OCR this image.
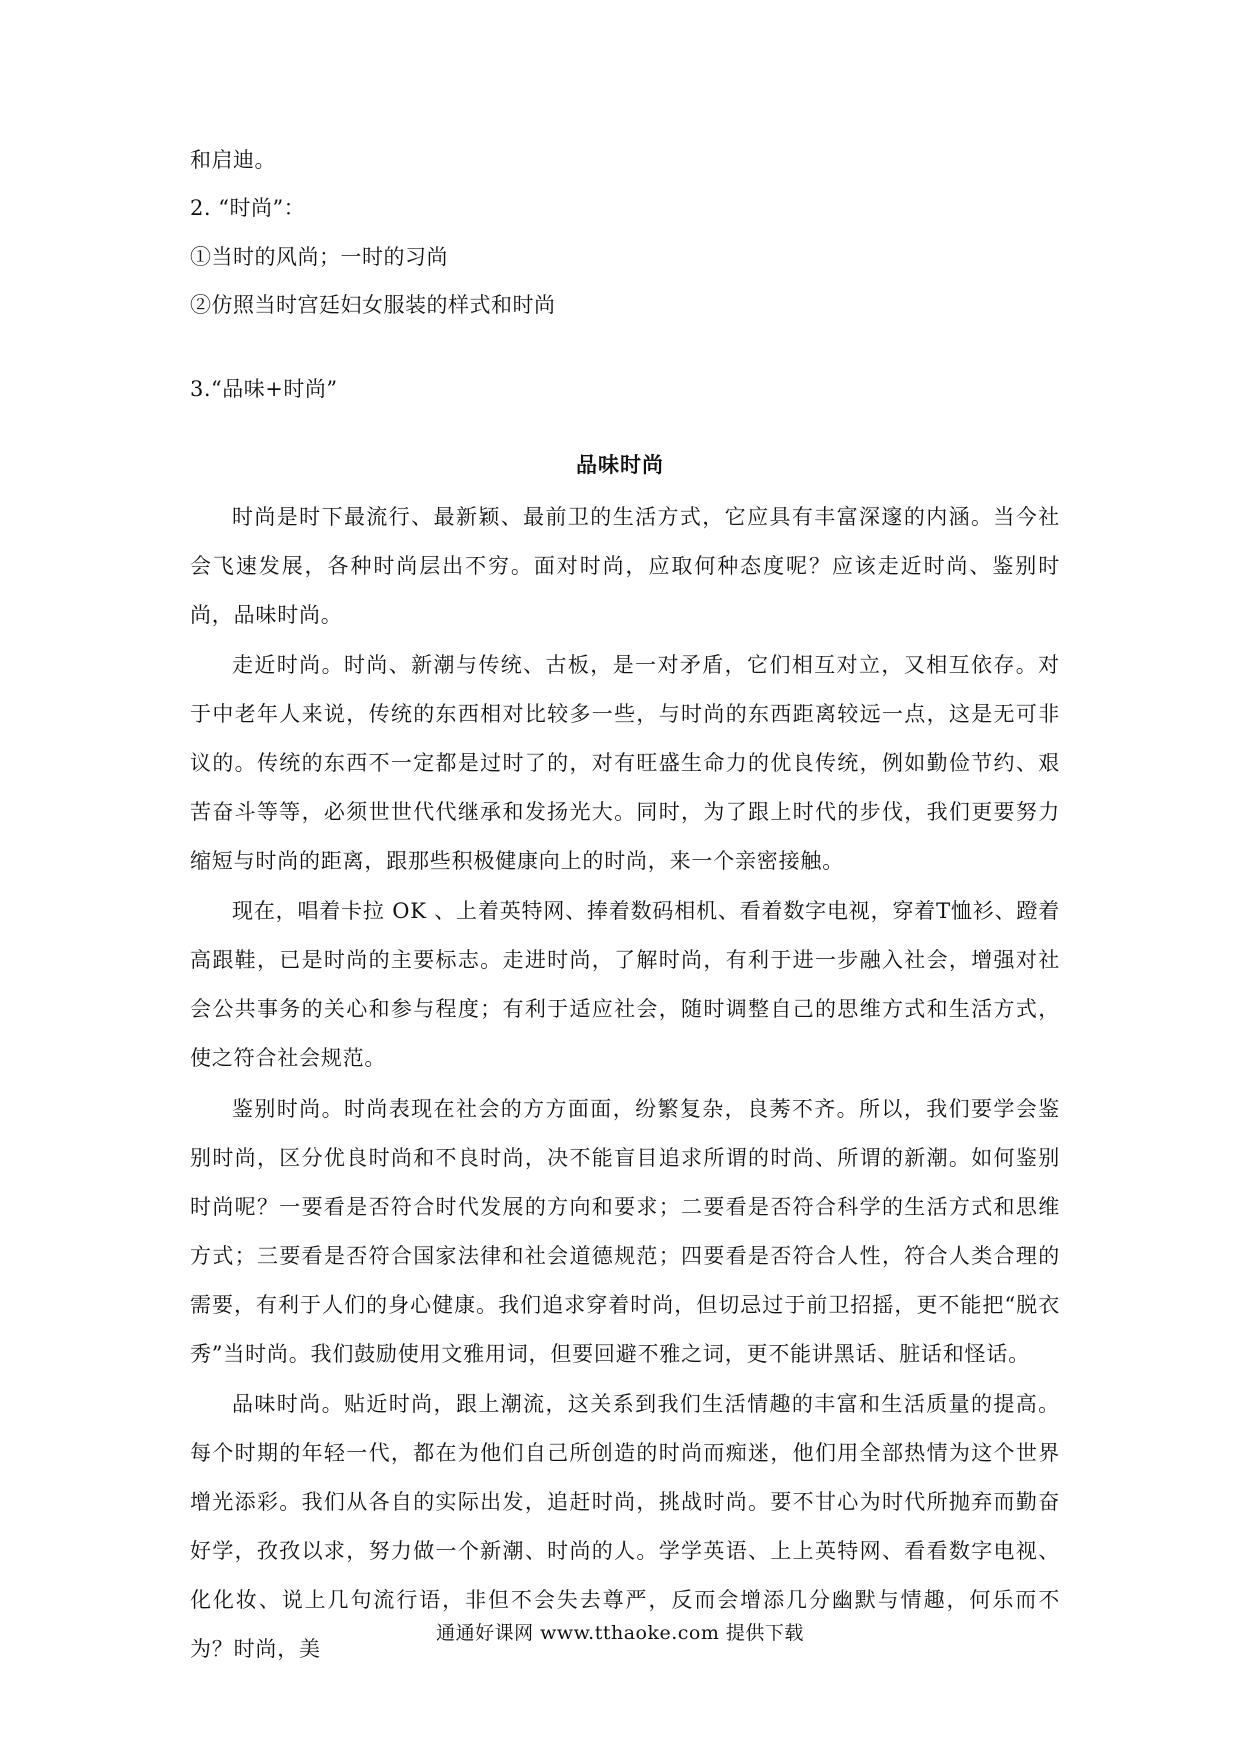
和启迪。
2. “时尚”：
①当时的风尚；一时的习尚
②仿照当时宫廷妇女服装的样式和时尚
3.“品味+时尚”
品味时尚

时尚是时下最流行、最新颖、最前卫的生活方式，它应具有丰富深邃的内涵。当今社会飞速发展，各种时尚层出不穷。面对时尚，应取何种态度呢？应该走近时尚、鉴别时尚，品味时尚。

走近时尚。时尚、新潮与传统、古板，是一对矛盾，它们相互对立，又相互依存。对于中老年人来说，传统的东西相对比较多一些，与时尚的东西距离较远一点，这是无可非议的。传统的东西不一定都是过时了的，对有旺盛生命力的优良传统，例如勤俭节约、艰苦奋斗等等，必须世世代代继承和发扬光大。同时，为了跟上时代的步伐，我们更要努力缩短与时尚的距离，跟那些积极健康向上的时尚，来一个亲密接触。

现在，唱着卡拉 OK 、上着英特网、捧着数码相机、看着数字电视，穿着T恤衫、蹬着高跟鞋，已是时尚的主要标志。走进时尚，了解时尚，有利于进一步融入社会，增强对社会公共事务的关心和参与程度；有利于适应社会，随时调整自己的思维方式和生活方式，使之符合社会规范。

鉴别时尚。时尚表现在社会的方方面面，纷繁复杂，良莠不齐。所以，我们要学会鉴别时尚，区分优良时尚和不良时尚，决不能盲目追求所谓的时尚、所谓的新潮。如何鉴别时尚呢？一要看是否符合时代发展的方向和要求；二要看是否符合科学的生活方式和思维方式；三要看是否符合国家法律和社会道德规范；四要看是否符合人性，符合人类合理的需要，有利于人们的身心健康。我们追求穿着时尚，但切忌过于前卫招摇，更不能把“脱衣秀”当时尚。我们鼓励使用文雅用词，但要回避不雅之词，更不能讲黑话、脏话和怪话。

品味时尚。贴近时尚，跟上潮流，这关系到我们生活情趣的丰富和生活质量的提高。每个时期的年轻一代，都在为他们自己所创造的时尚而痴迷，他们用全部热情为这个世界增光添彩。我们从各自的实际出发，追赶时尚，挑战时尚。要不甘心为时代所抛弃而勤奋好学，孜孜以求，努力做一个新潮、时尚的人。学学英语、上上英特网、看看数字电视、化化妆、说上几句流行语，非但不会失去尊严，反而会增添几分幽默与情趣，何乐而不为？时尚，美

通通好课网 www.tthaoke.com 提供下载
